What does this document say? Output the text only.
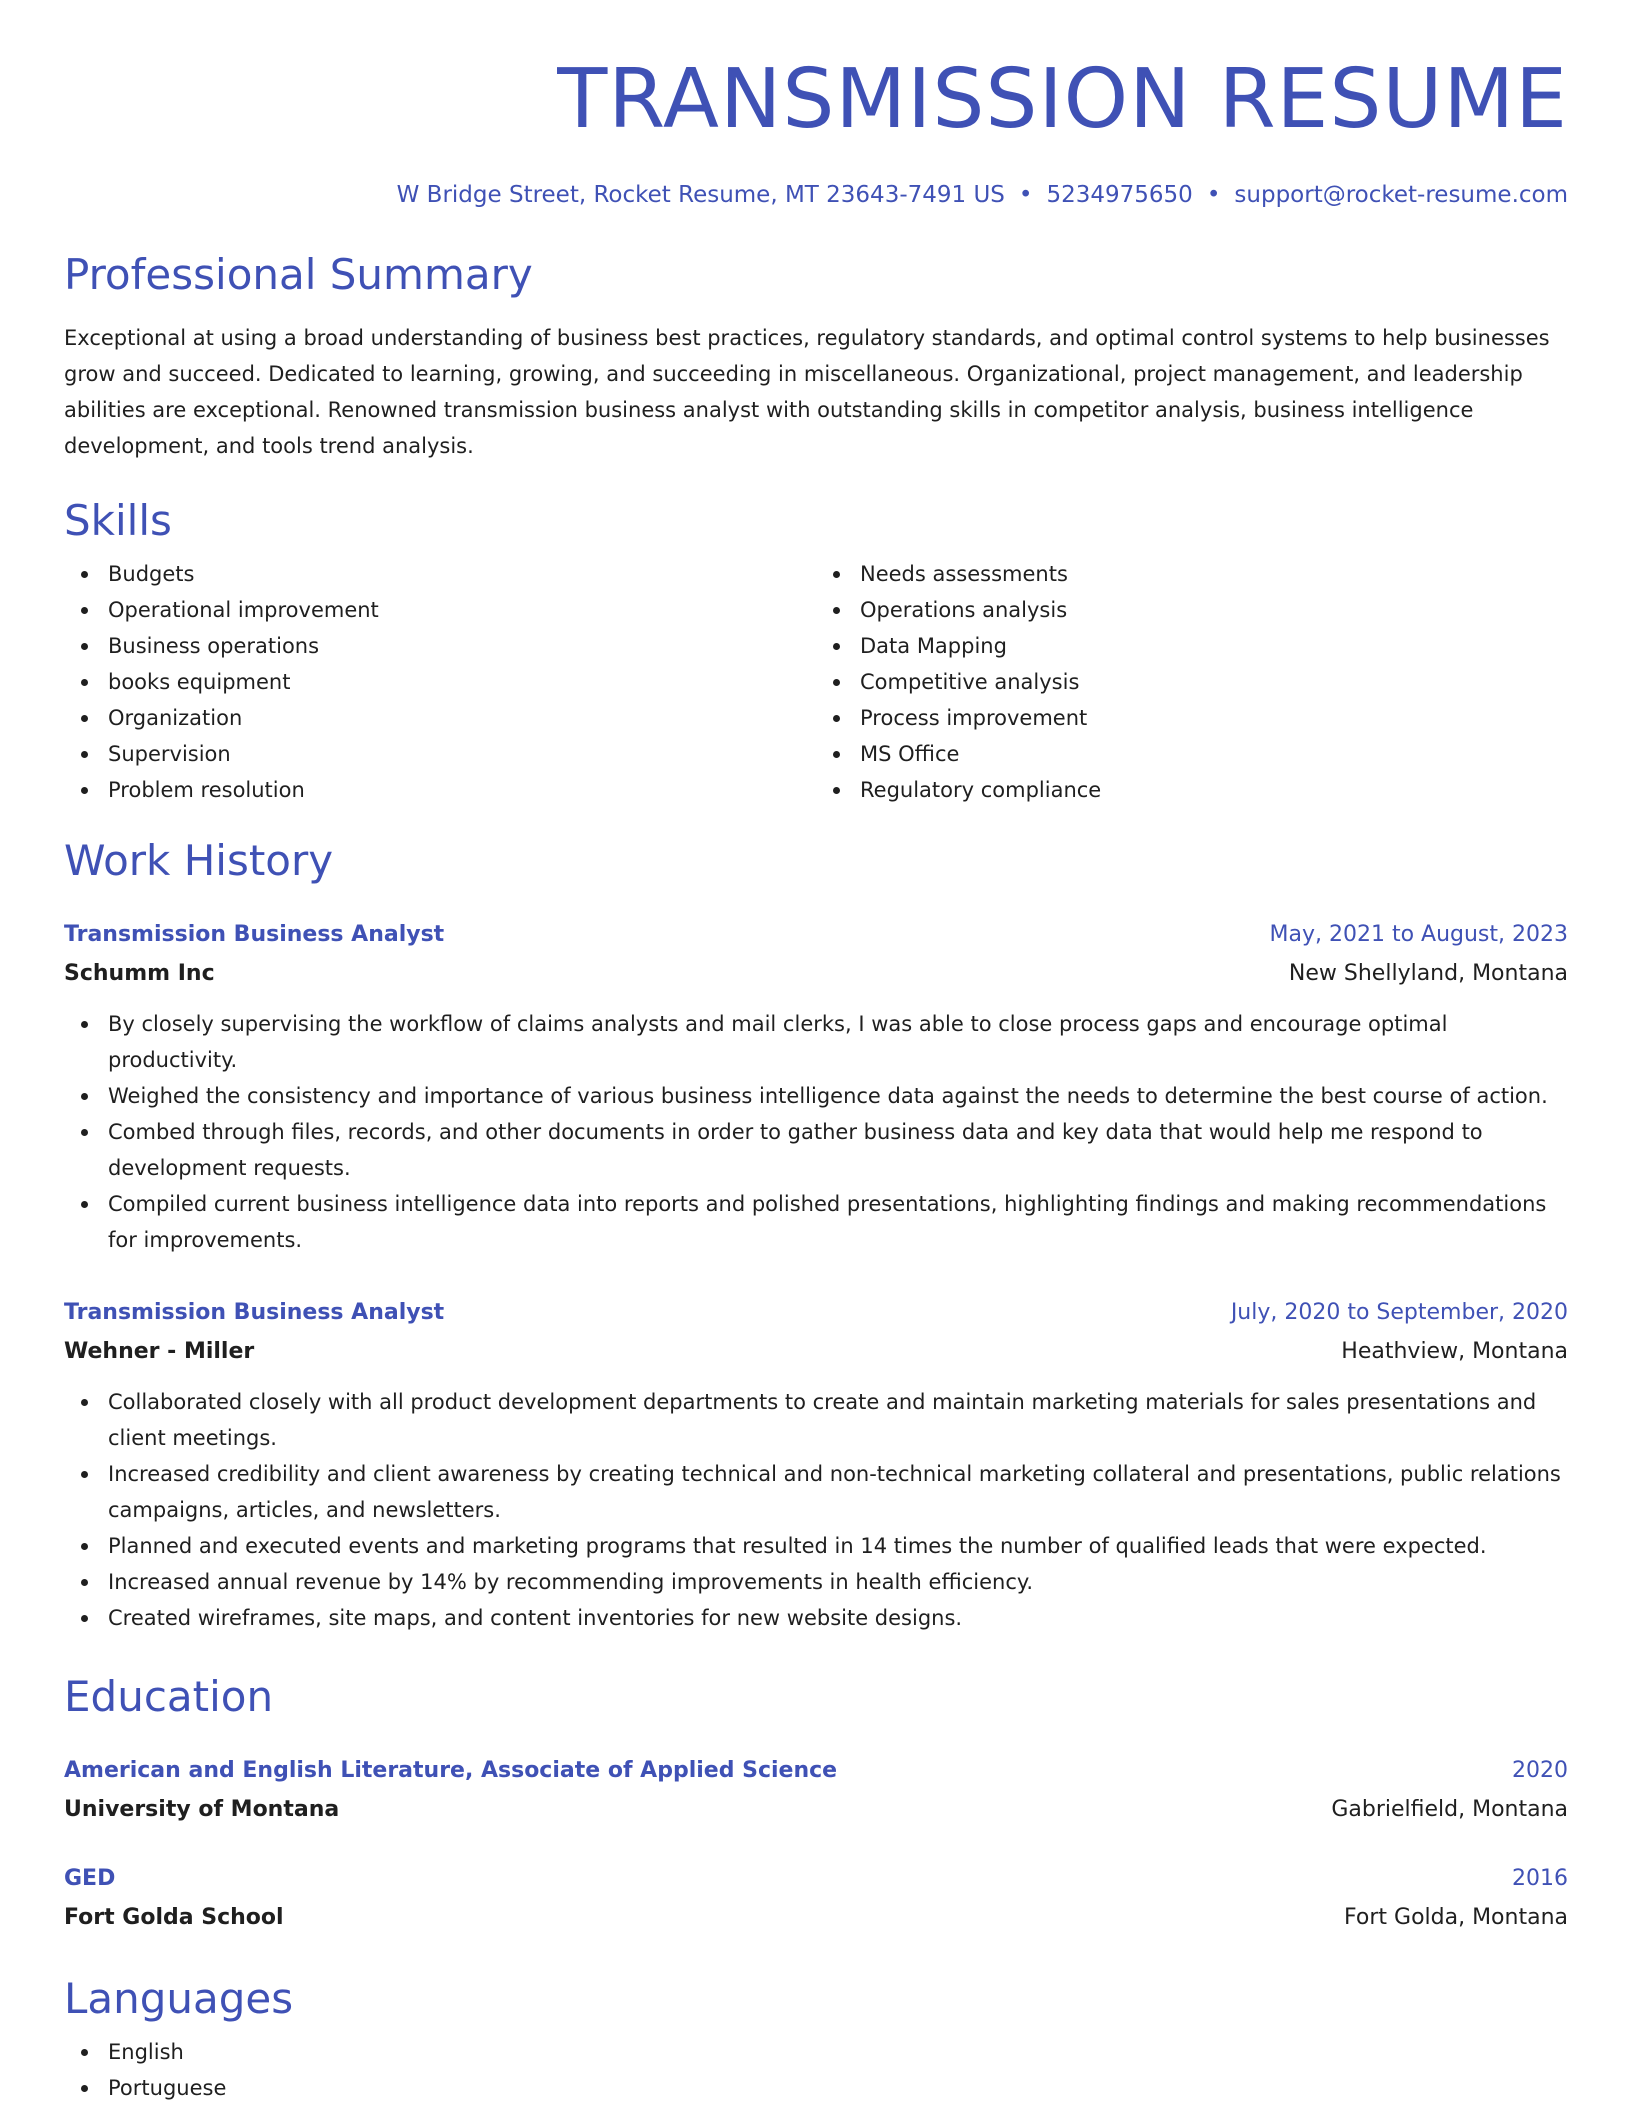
TRANSMISSION RESUME
W Bridge Street, Rocket Resume, MT 23643-7491 US • 5234975650 • support@rocket-resume.com
Professional Summary

Exceptional at using a broad understanding of business best practices, regulatory standards, and optimal control systems to help businesses grow and succeed. Dedicated to learning, growing, and succeeding in miscellaneous. Organizational, project management, and leadership abilities are exceptional. Renowned transmission business analyst with outstanding skills in competitor analysis, business intelligence development, and tools trend analysis.

Skills
Budgets
Operational improvement
Business operations
books equipment
Organization
Supervision
Problem resolution
Needs assessments
Operations analysis
Data Mapping
Competitive analysis
Process improvement
MS Office
Regulatory compliance
Work History
Transmission Business Analyst	May, 2021 to August, 2023
Schumm Inc	New Shellyland, Montana
By closely supervising the workflow of claims analysts and mail clerks, I was able to close process gaps and encourage optimal productivity.
Weighed the consistency and importance of various business intelligence data against the needs to determine the best course of action.
Combed through files, records, and other documents in order to gather business data and key data that would help me respond to development requests.
Compiled current business intelligence data into reports and polished presentations, highlighting findings and making recommendations for improvements.
Transmission Business Analyst	July, 2020 to September, 2020
Wehner - Miller	Heathview, Montana
Collaborated closely with all product development departments to create and maintain marketing materials for sales presentations and client meetings.
Increased credibility and client awareness by creating technical and non-technical marketing collateral and presentations, public relations campaigns, articles, and newsletters.
Planned and executed events and marketing programs that resulted in 14 times the number of qualified leads that were expected.
Increased annual revenue by 14% by recommending improvements in health efficiency.
Created wireframes, site maps, and content inventories for new website designs.
Education
American and English Literature, Associate of Applied Science	2020
University of Montana	Gabrielfield, Montana
GED	2016
Fort Golda School	Fort Golda, Montana
Languages
English
Portuguese
